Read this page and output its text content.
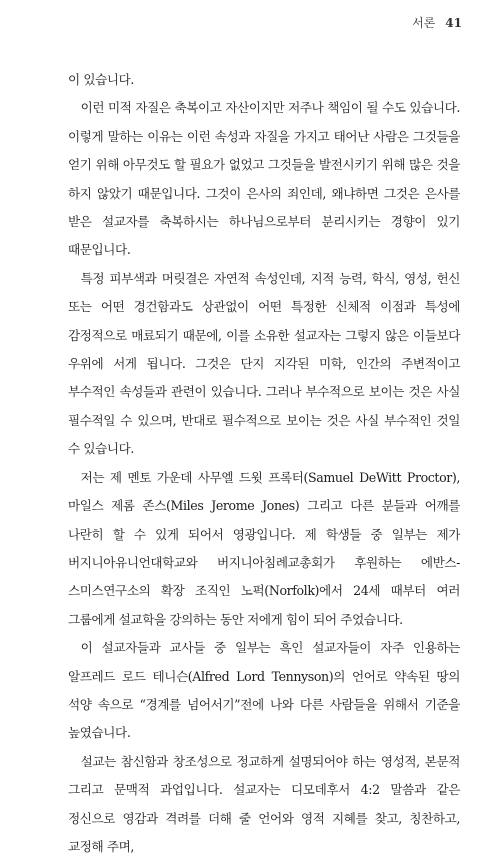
서론 41

이 있습니다.

이런 미적 자질은 축복이고 자산이지만 저주나 책임이 될 수도 있습니다. 이렇게 말하는 이유는 이런 속성과 자질을 가지고 태어난 사람은 그것들을 얻기 위해 아무것도 할 필요가 없었고 그것들을 발전시키기 위해 많은 것을 하지 않았기 때문입니다. 그것이 은사의 죄인데, 왜냐하면 그것은 은사를 받은 설교자를 축복하시는 하나님으로부터 분리시키는 경향이 있기 때문입니다.

특정 피부색과 머릿결은 자연적 속성인데, 지적 능력, 학식, 영성, 헌신 또는 어떤 경건함과도 상관없이 어떤 특정한 신체적 이점과 특성에 감정적으로 매료되기 때문에, 이를 소유한 설교자는 그렇지 않은 이들보다 우위에 서게 됩니다. 그것은 단지 지각된 미학, 인간의 주변적이고 부수적인 속성들과 관련이 있습니다. 그러나 부수적으로 보이는 것은 사실 필수적일 수 있으며, 반대로 필수적으로 보이는 것은 사실 부수적인 것일 수 있습니다.

저는 제 멘토 가운데 사무엘 드윗 프록터(Samuel DeWitt Proctor), 마일스 제롬 존스(Miles Jerome Jones) 그리고 다른 분들과 어깨를 나란히 할 수 있게 되어서 영광입니다. 제 학생들 중 일부는 제가 버지니아유니언대학교와 버지니아침례교총회가 후원하는 에반스-스미스연구소의 확장 조직인 노퍽(Norfolk)에서 24세 때부터 여러 그룹에게 설교학을 강의하는 동안 저에게 힘이 되어 주었습니다.

이 설교자들과 교사들 중 일부는 흑인 설교자들이 자주 인용하는 알프레드 로드 테니슨(Alfred Lord Tennyson)의 언어로 약속된 땅의 석양 속으로 “경계를 넘어서기”전에 나와 다른 사람들을 위해서 기준을 높였습니다.

설교는 참신함과 창조성으로 정교하게 설명되어야 하는 영성적, 본문적 그리고 문맥적 과업입니다. 설교자는 디모데후서 4:2 말씀과 같은 정신으로 영감과 격려를 더해 줄 언어와 영적 지혜를 찾고, 칭찬하고, 교정해 주며,
